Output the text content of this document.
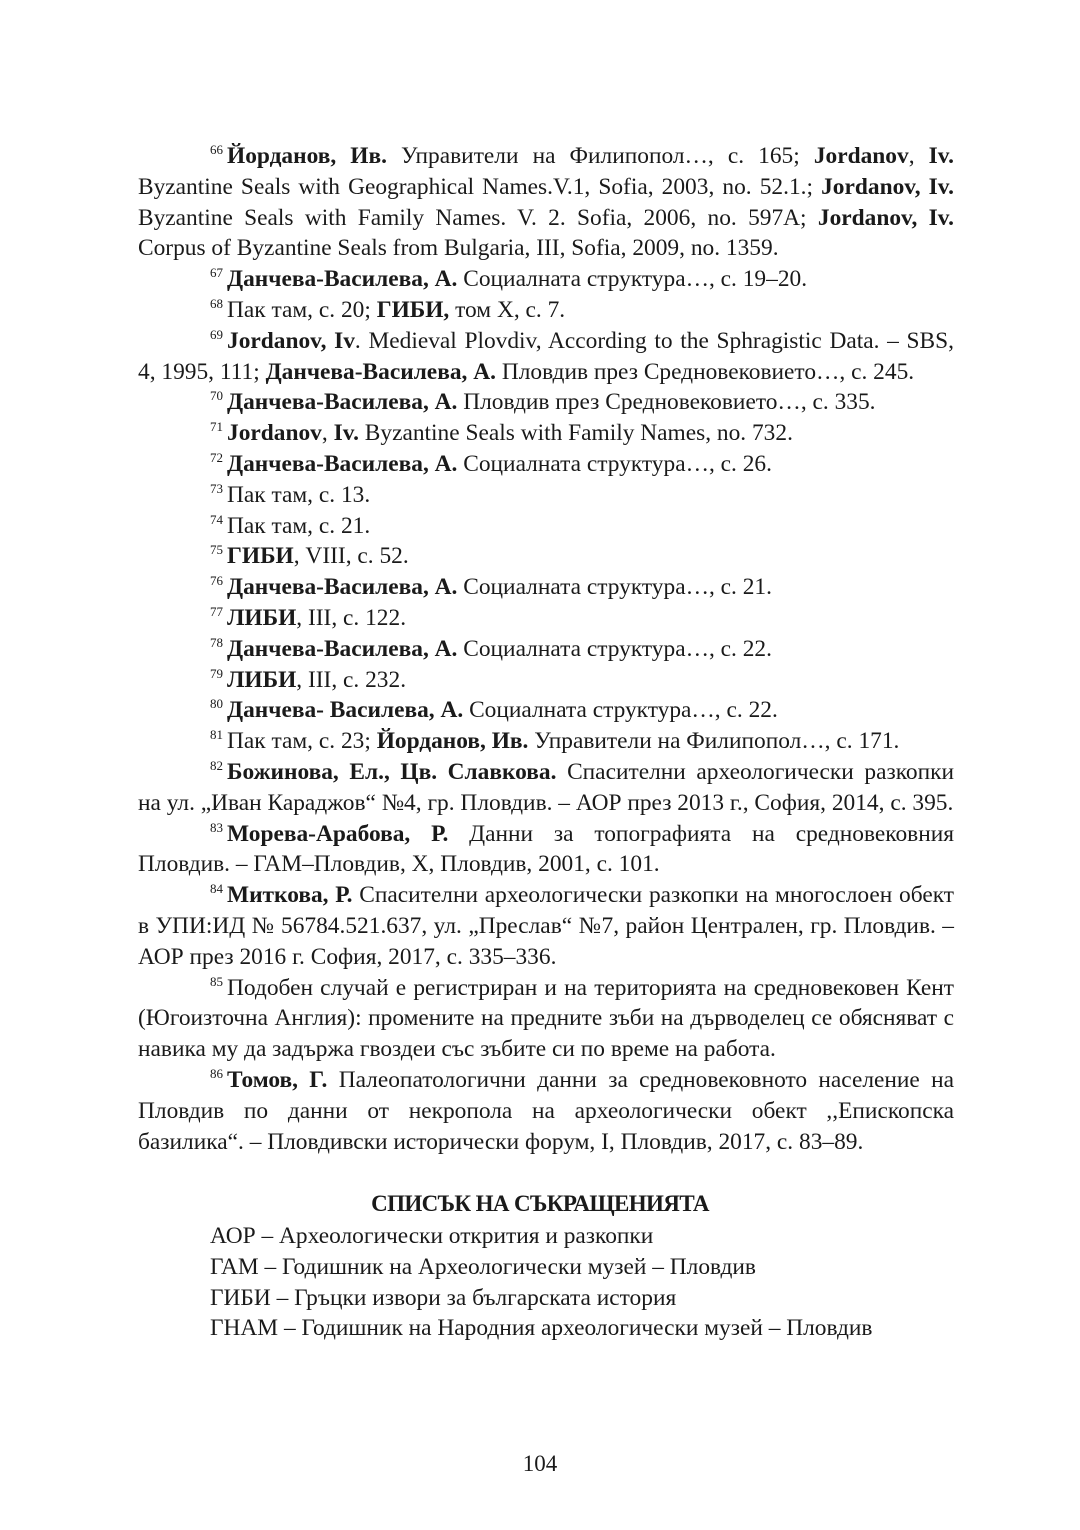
$^{66}$ Йорданов, Ив. Управители на Филипопол…, с. 165; Jordanov, Iv. Byzantine Seals with Geographical Names.V.1, Sofia, 2003, no. 52.1.; Jordanov, Iv. Byzantine Seals with Family Names. V. 2. Sofia, 2006, no. 597A; Jordanov, Iv. Corpus of Byzantine Seals from Bulgaria, III, Sofia, 2009, no. 1359.

$^{67}$ Данчева-Василева, А. Социалната структура…, с. 19–20.

$^{68}$ Пак там, с. 20; ГИБИ, том X, с. 7.

$^{69}$ Jordanov, Iv. Medieval Plovdiv, According to the Sphragistic Data. – SBS, 4, 1995, 111; Данчева-Василева, А. Пловдив през Средновековието…, с. 245.

$^{70}$ Данчева-Василева, А. Пловдив през Средновековието…, с. 335.

$^{71}$ Jordanov, Iv. Byzantine Seals with Family Names, no. 732.

$^{72}$ Данчева-Василева, А. Социалната структура…, с. 26.

$^{73}$ Пак там, с. 13.

$^{74}$ Пак там, с. 21.

$^{75}$ ГИБИ, VIII, с. 52.

$^{76}$ Данчева-Василева, А. Социалната структура…, с. 21.

$^{77}$ ЛИБИ, III, с. 122.

$^{78}$ Данчева-Василева, А. Социалната структура…, с. 22.

$^{79}$ ЛИБИ, III, с. 232.

$^{80}$ Данчева- Василева, А. Социалната структура…, с. 22.

$^{81}$ Пак там, с. 23; Йорданов, Ив. Управители на Филипопол…, с. 171.

$^{82}$ Божинова, Ел., Цв. Славкова. Спасителни археологически разкопки на ул. „Иван Караджов“ №4, гр. Пловдив. – АОР през 2013 г., София, 2014, с. 395.

$^{83}$ Морева-Арабова, Р. Данни за топографията на средновековния Пловдив. – ГАМ–Пловдив, X, Пловдив, 2001, с. 101.

$^{84}$ Миткова, Р. Спасителни археологически разкопки на многослоен обект в УПИ:ИД № 56784.521.637, ул. „Преслав“ №7, район Централен, гр. Пловдив. – АОР през 2016 г. София, 2017, с. 335–336.

$^{85}$ Подобен случай е регистриран и на територията на средновековен Кент (Югоизточна Англия): промените на предните зъби на дърводелец се обясняват с навика му да задържа гвоздеи със зъбите си по време на работа.

$^{86}$ Томов, Г. Палеопатологични данни за средновековното население на Пловдив по данни от некропола на археологически обект ,,Епископска базилика“. – Пловдивски исторически форум, I, Пловдив, 2017, с. 83–89.

СПИСЪК НА СЪКРАЩЕНИЯТА
АОР – Археологически открития и разкопки
ГАМ – Годишник на Археологически музей – Пловдив
ГИБИ – Гръцки извори за българската история
ГНАМ – Годишник на Народния археологически музей – Пловдив
104
